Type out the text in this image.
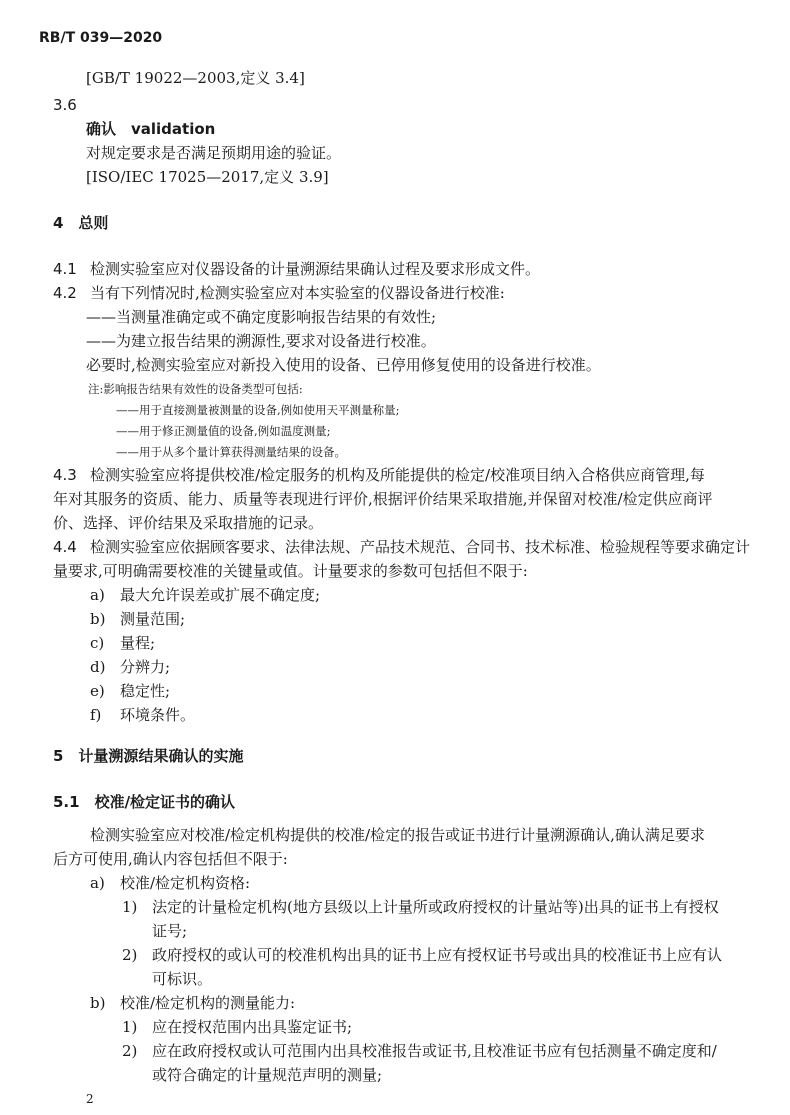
RB/T 039—2020
[GB/T 19022—2003,定义 3.4]
3.6
确认　validation
对规定要求是否满足预期用途的验证。
[ISO/IEC 17025—2017,定义 3.9]
4　总则
4.1 检测实验室应对仪器设备的计量溯源结果确认过程及要求形成文件。
4.2 当有下列情况时,检测实验室应对本实验室的仪器设备进行校准:
——当测量准确定或不确定度影响报告结果的有效性;
——为建立报告结果的溯源性,要求对设备进行校准。
必要时,检测实验室应对新投入使用的设备、已停用修复使用的设备进行校准。
注:影响报告结果有效性的设备类型可包括:
——用于直接测量被测量的设备,例如使用天平测量称量;
——用于修正测量值的设备,例如温度测量;
——用于从多个量计算获得测量结果的设备。
4.3 检测实验室应将提供校准/检定服务的机构及所能提供的检定/校准项目纳入合格供应商管理,每
年对其服务的资质、能力、质量等表现进行评价,根据评价结果采取措施,并保留对校准/检定供应商评
价、选择、评价结果及采取措施的记录。
4.4 检测实验室应依据顾客要求、法律法规、产品技术规范、合同书、技术标准、检验规程等要求确定计
量要求,可明确需要校准的关键量或值。计量要求的参数可包括但不限于:
a) 最大允许误差或扩展不确定度;
b) 测量范围;
c) 量程;
d) 分辨力;
e) 稳定性;
f) 环境条件。
5　计量溯源结果确认的实施
5.1　校准/检定证书的确认
检测实验室应对校准/检定机构提供的校准/检定的报告或证书进行计量溯源确认,确认满足要求
后方可使用,确认内容包括但不限于:
a) 校准/检定机构资格:
1) 法定的计量检定机构(地方县级以上计量所或政府授权的计量站等)出具的证书上有授权
证号;
2) 政府授权的或认可的校准机构出具的证书上应有授权证书号或出具的校准证书上应有认
可标识。
b) 校准/检定机构的测量能力:
1) 应在授权范围内出具鉴定证书;
2) 应在政府授权或认可范围内出具校准报告或证书,且校准证书应有包括测量不确定度和/
或符合确定的计量规范声明的测量;
2
